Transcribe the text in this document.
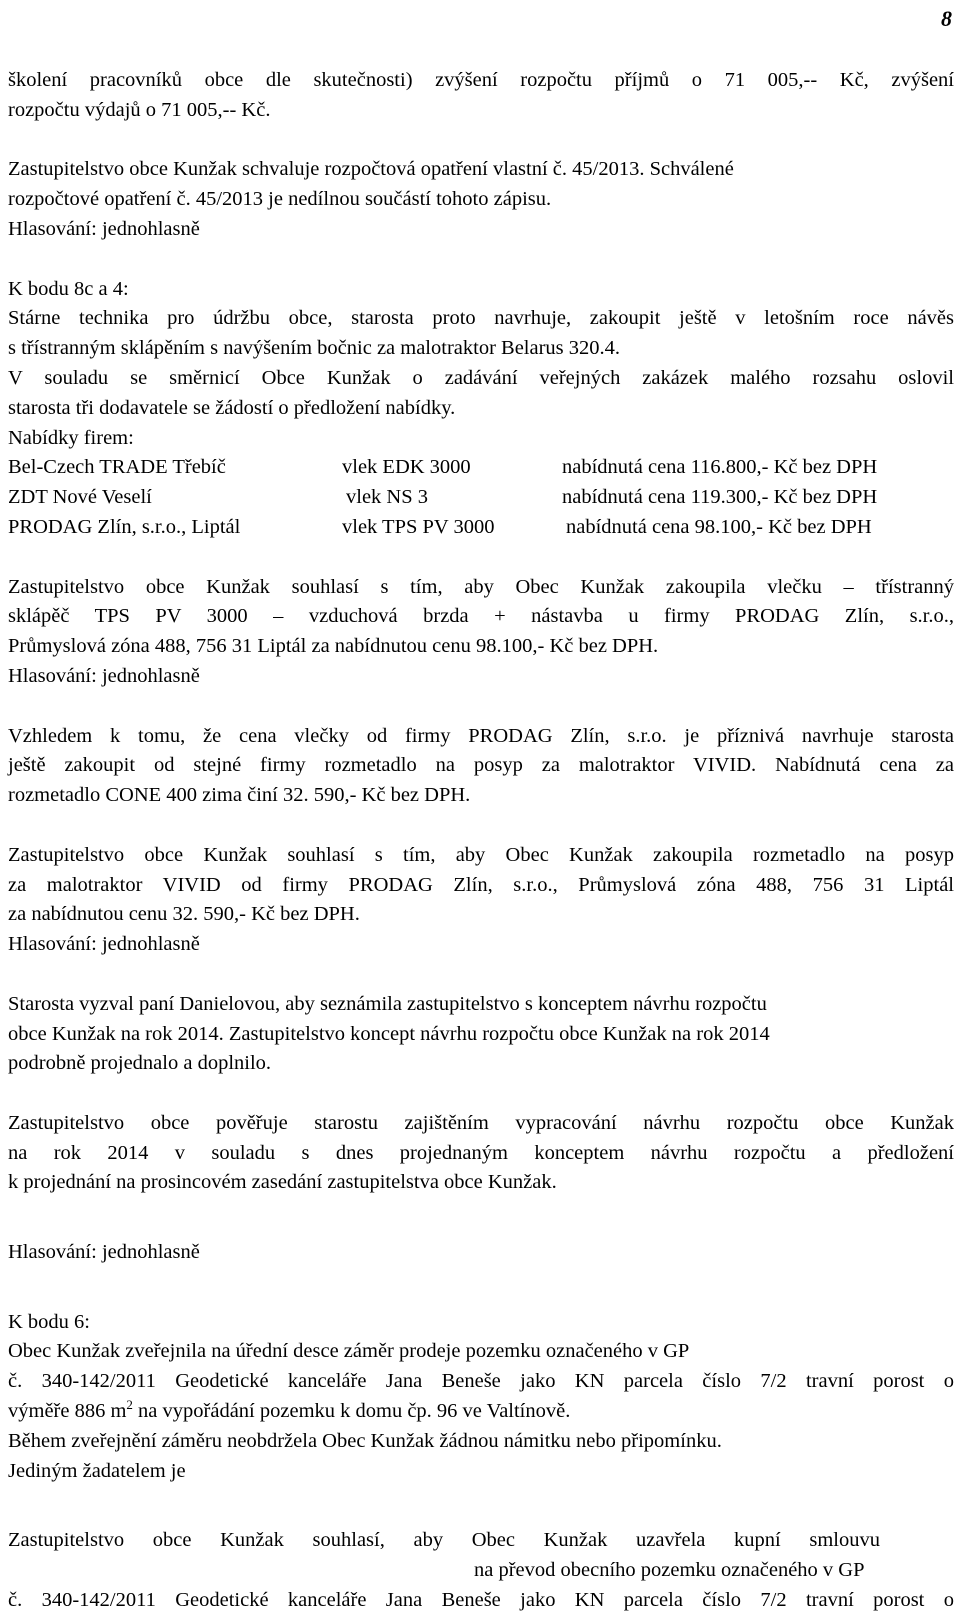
8

školení pracovníků obce dle skutečnosti) zvýšení rozpočtu příjmů o 71 005,-- Kč, zvýšení

rozpočtu výdajů o 71 005,-- Kč.

Zastupitelstvo obce Kunžak schvaluje rozpočtová opatření vlastní č. 45/2013. Schválené

rozpočtové opatření č. 45/2013 je nedílnou součástí tohoto zápisu.

Hlasování: jednohlasně

K bodu 8c a 4:

Stárne technika pro údržbu obce, starosta proto navrhuje, zakoupit ještě v letošním roce návěs

s třístranným sklápěním s navýšením bočnic za malotraktor Belarus 320.4.

V souladu se směrnicí Obce Kunžak o zadávání veřejných zakázek malého rozsahu oslovil

starosta tři dodavatele se žádostí o předložení nabídky.

Nabídky firem:

Bel-Czech TRADE Třebíč	vlek EDK 3000	nabídnutá cena 116.800,- Kč bez DPH
ZDT Nové Veselí	vlek NS 3	nabídnutá cena 119.300,- Kč bez DPH
PRODAG Zlín, s.r.o., Liptál	vlek TPS PV 3000	nabídnutá cena 98.100,- Kč bez DPH

Zastupitelstvo obce Kunžak souhlasí s tím, aby Obec Kunžak zakoupila vlečku – třístranný

sklápěč TPS PV 3000 – vzduchová brzda + nástavba u firmy PRODAG Zlín, s.r.o.,

Průmyslová zóna 488, 756 31 Liptál za nabídnutou cenu 98.100,- Kč bez DPH.

Hlasování: jednohlasně

Vzhledem k tomu, že cena vlečky od firmy PRODAG Zlín, s.r.o. je příznivá navrhuje starosta

ještě zakoupit od stejné firmy rozmetadlo na posyp za malotraktor VIVID. Nabídnutá cena za

rozmetadlo CONE 400 zima činí 32. 590,- Kč bez DPH.

Zastupitelstvo obce Kunžak souhlasí s tím, aby Obec Kunžak zakoupila rozmetadlo na posyp

za malotraktor VIVID od firmy PRODAG Zlín, s.r.o., Průmyslová zóna 488, 756 31 Liptál

za nabídnutou cenu 32. 590,- Kč bez DPH.

Hlasování: jednohlasně

Starosta vyzval paní Danielovou, aby seznámila zastupitelstvo s konceptem návrhu rozpočtu

obce Kunžak na rok 2014. Zastupitelstvo koncept návrhu rozpočtu obce Kunžak na rok 2014

podrobně projednalo a doplnilo.

Zastupitelstvo obce pověřuje starostu zajištěním vypracování návrhu rozpočtu obce Kunžak

na rok 2014 v souladu s dnes projednaným konceptem návrhu rozpočtu a předložení

k projednání na prosincovém zasedání zastupitelstva obce Kunžak.

Hlasování: jednohlasně

K bodu 6:

Obec Kunžak zveřejnila na úřední desce záměr prodeje pozemku označeného v GP

č. 340-142/2011 Geodetické kanceláře Jana Beneše jako KN parcela číslo 7/2 travní porost o

výměře 886 $m^2$ na vypořádání pozemku k domu čp. 96 ve Valtínově.

Během zveřejnění záměru neobdržela Obec Kunžak žádnou námitku nebo připomínku.

Jediným žadatelem je

Zastupitelstvo obce Kunžak souhlasí, aby Obec Kunžak uzavřela kupní smlouvu

na převod obecního pozemku označeného v GP

č. 340-142/2011 Geodetické kanceláře Jana Beneše jako KN parcela číslo 7/2 travní porost o
